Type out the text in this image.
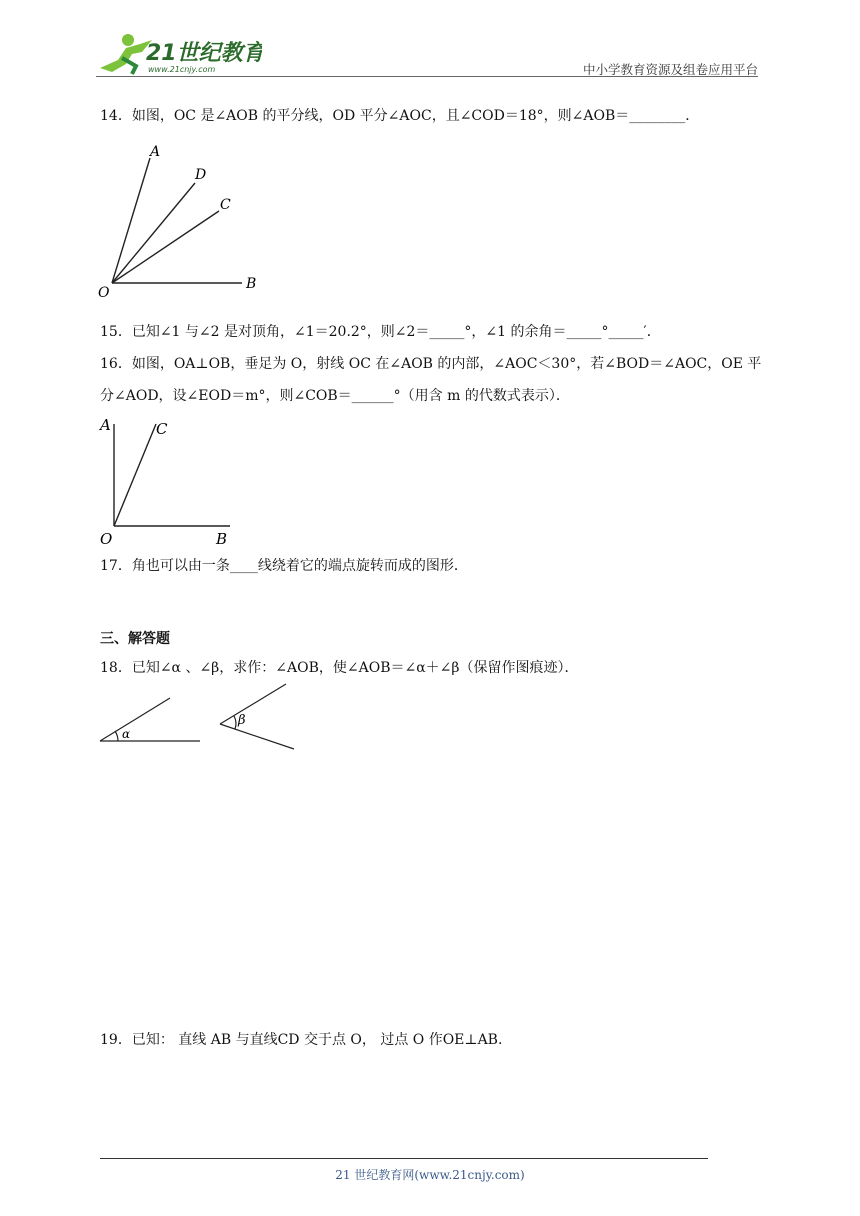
21世纪教育
www.21cnjy.com	中小学教育资源及组卷应用平台
14．如图，OC 是∠AOB 的平分线，OD 平分∠AOC，且∠COD＝18°，则∠AOB＝________．
A
D
C
O
B
15．已知∠1 与∠2 是对顶角，∠1＝20.2°，则∠2＝_____°，∠1 的余角＝_____°_____′．
16．如图，OA⊥OB，垂足为 O，射线 OC 在∠AOB 的内部，∠AOC＜30°，若∠BOD＝∠AOC，OE 平
分∠AOD，设∠EOD＝m°，则∠COB＝______°（用含 m 的代数式表示）．
A	C
O	B
17．角也可以由一条____线绕着它的端点旋转而成的图形．
三、解答题
18．已知∠α 、∠β，求作：∠AOB，使∠AOB＝∠α＋∠β（保留作图痕迹）．
α
β
19．已知： 直线 AB 与直线CD 交于点 O， 过点 O 作OE⊥AB.
21 世纪教育网(www.21cnjy.com)
